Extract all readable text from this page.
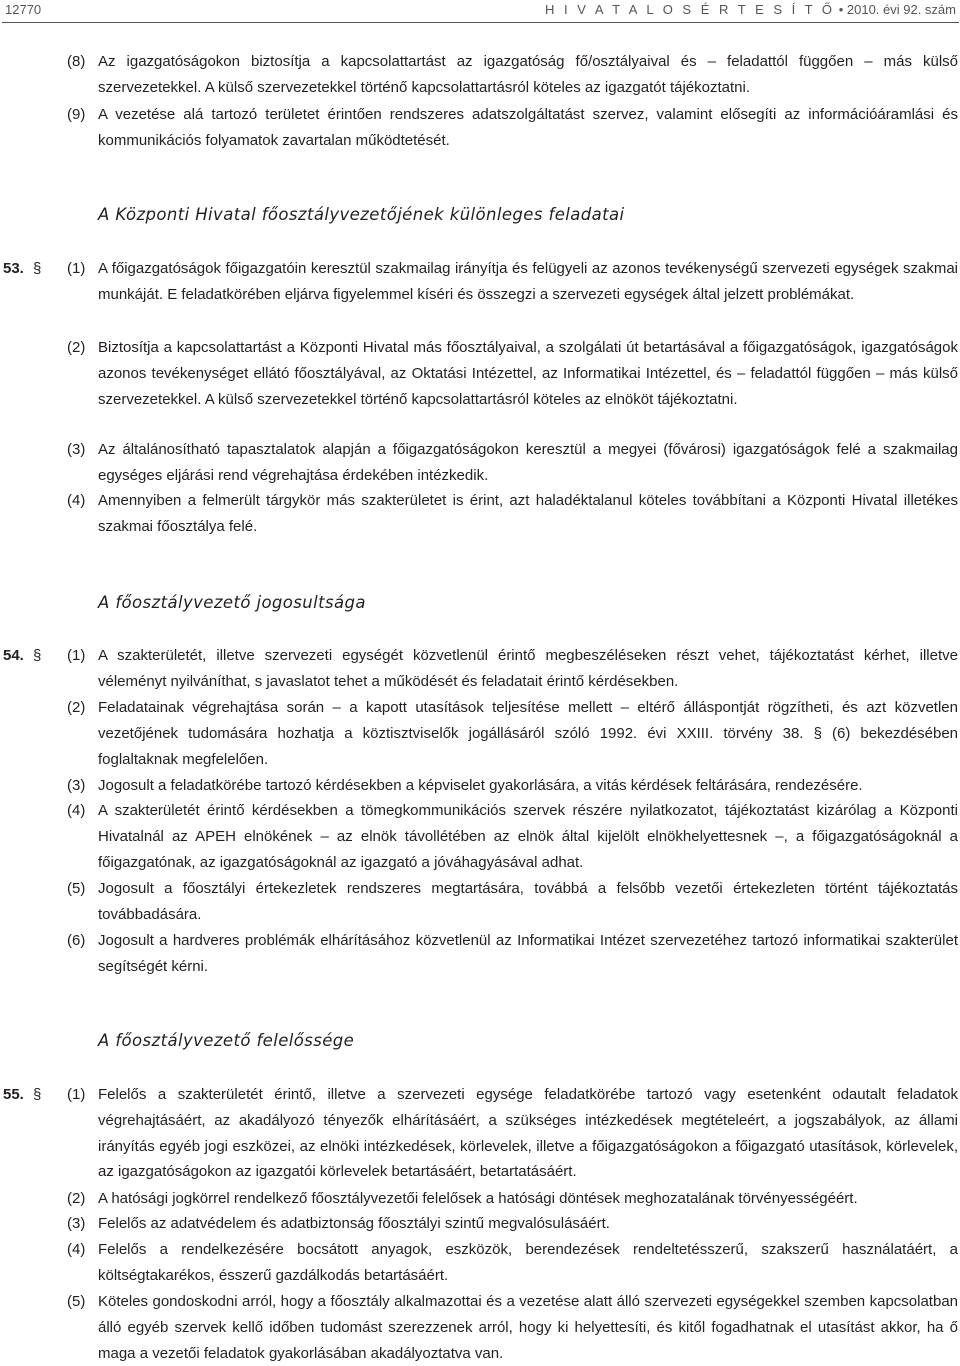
12770	H I V A T A L O S É R T E S Í T Ő • 2010. évi 92. szám
(8) Az igazgatóságokon biztosítja a kapcsolattartást az igazgatóság fő/osztályaival és – feladattól függően – más külső szervezetekkel. A külső szervezetekkel történő kapcsolattartásról köteles az igazgatót tájékoztatni.
(9) A vezetése alá tartozó területet érintően rendszeres adatszolgáltatást szervez, valamint elősegíti az információáramlási és kommunikációs folyamatok zavartalan működtetését.
A Központi Hivatal főosztályvezetőjének különleges feladatai
53. § (1) A főigazgatóságok főigazgatóin keresztül szakmailag irányítja és felügyeli az azonos tevékenységű szervezeti egységek szakmai munkáját. E feladatkörében eljárva figyelemmel kíséri és összegzi a szervezeti egységek által jelzett problémákat.
(2) Biztosítja a kapcsolattartást a Központi Hivatal más főosztályaival, a szolgálati út betartásával a főigazgatóságok, igazgatóságok azonos tevékenységet ellátó főosztályával, az Oktatási Intézettel, az Informatikai Intézettel, és – feladattól függően – más külső szervezetekkel. A külső szervezetekkel történő kapcsolattartásról köteles az elnököt tájékoztatni.
(3) Az általánosítható tapasztalatok alapján a főigazgatóságokon keresztül a megyei (fővárosi) igazgatóságok felé a szakmailag egységes eljárási rend végrehajtása érdekében intézkedik.
(4) Amennyiben a felmerült tárgykör más szakterületet is érint, azt haladéktalanul köteles továbbítani a Központi Hivatal illetékes szakmai főosztálya felé.
A főosztályvezető jogosultsága
54. § (1) A szakterületét, illetve szervezeti egységét közvetlenül érintő megbeszéléseken részt vehet, tájékoztatást kérhet, illetve véleményt nyilváníthat, s javaslatot tehet a működését és feladatait érintő kérdésekben.
(2) Feladatainak végrehajtása során – a kapott utasítások teljesítése mellett – eltérő álláspontját rögzítheti, és azt közvetlen vezetőjének tudomására hozhatja a köztisztviselők jogállásáról szóló 1992. évi XXIII. törvény 38. § (6) bekezdésében foglaltaknak megfelelően.
(3) Jogosult a feladatkörébe tartozó kérdésekben a képviselet gyakorlására, a vitás kérdések feltárására, rendezésére.
(4) A szakterületét érintő kérdésekben a tömegkommunikációs szervek részére nyilatkozatot, tájékoztatást kizárólag a Központi Hivatalnál az APEH elnökének – az elnök távollétében az elnök által kijelölt elnökhelyettesnek –, a főigazgatóságoknál a főigazgatónak, az igazgatóságoknál az igazgató a jóváhagyásával adhat.
(5) Jogosult a főosztályi értekezletek rendszeres megtartására, továbbá a felsőbb vezetői értekezleten történt tájékoztatás továbbadására.
(6) Jogosult a hardveres problémák elhárításához közvetlenül az Informatikai Intézet szervezetéhez tartozó informatikai szakterület segítségét kérni.
A főosztályvezető felelőssége
55. § (1) Felelős a szakterületét érintő, illetve a szervezeti egysége feladatkörébe tartozó vagy esetenként odautalt feladatok végrehajtásáért, az akadályozó tényezők elhárításáért, a szükséges intézkedések megtételeért, a jogszabályok, az állami irányítás egyéb jogi eszközei, az elnöki intézkedések, körlevelek, illetve a főigazgatóságokon a főigazgató utasítások, körlevelek, az igazgatóságokon az igazgatói körlevelek betartásáért, betartatásáért.
(2) A hatósági jogkörrel rendelkező főosztályvezetői felelősek a hatósági döntések meghozatalának törvényességéért.
(3) Felelős az adatvédelem és adatbiztonság főosztályi szintű megvalósulásáért.
(4) Felelős a rendelkezésére bocsátott anyagok, eszközök, berendezések rendeltetésszerű, szakszerű használatáért, a költségtakarékos, ésszerű gazdálkodás betartásáért.
(5) Köteles gondoskodni arról, hogy a főosztály alkalmazottai és a vezetése alatt álló szervezeti egységekkel szemben kapcsolatban álló egyéb szervek kellő időben tudomást szerezzenek arról, hogy ki helyettesíti, és kitől fogadhatnak el utasítást akkor, ha ő maga a vezetői feladatok gyakorlásában akadályoztatva van.
